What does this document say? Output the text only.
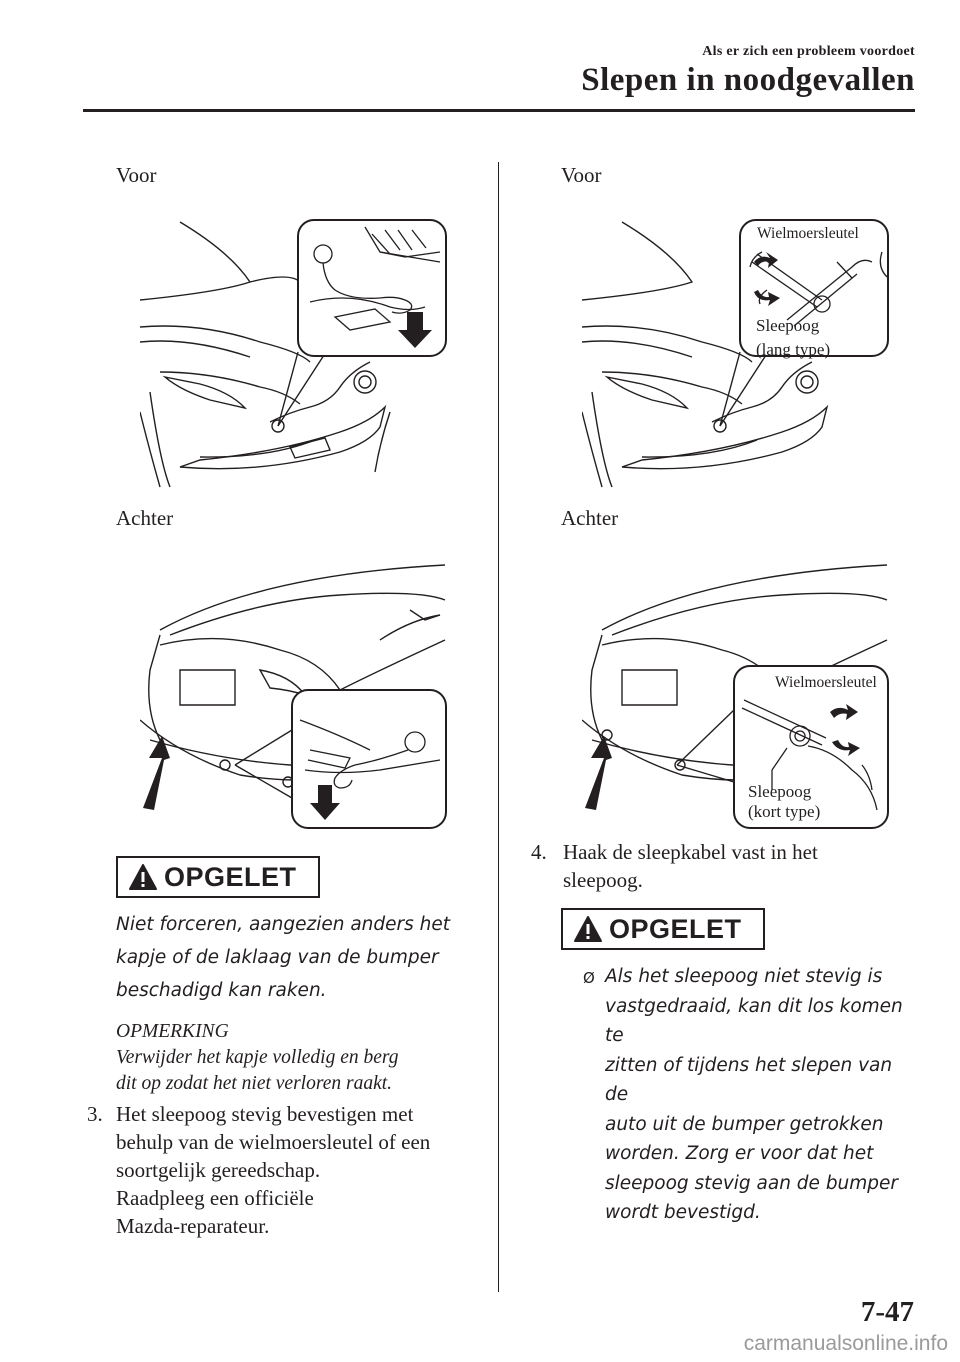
Als er zich een probleem voordoet
Slepen in noodgevallen
Voor
Achter
OPGELET
Niet forceren, aangezien anders het
kapje of de laklaag van de bumper
beschadigd kan raken.
OPMERKING
Verwijder het kapje volledig en berg
dit op zodat het niet verloren raakt.
3. Het sleepoog stevig bevestigen met
behulp van de wielmoersleutel of een
soortgelijk gereedschap.
Raadpleeg een officiële
Mazda-reparateur.
Voor
Wielmoersleutel
Sleepoog
(lang type)
Achter
Wielmoersleutel
Sleepoog
(kort type)
4. Haak de sleepkabel vast in het
sleepoog.
OPGELET
Ø Als het sleepoog niet stevig is
vastgedraaid, kan dit los komen te
zitten of tijdens het slepen van de
auto uit de bumper getrokken
worden. Zorg er voor dat het
sleepoog stevig aan de bumper
wordt bevestigd.
7-47
carmanualsonline.info
